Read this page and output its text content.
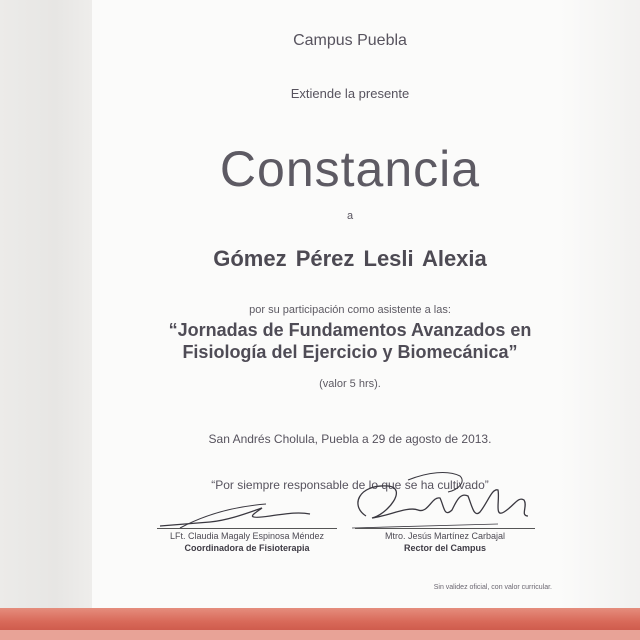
Campus Puebla
Extiende la presente
Constancia
a
Gómez Pérez Lesli Alexia
por su participación como asistente a las:
“Jornadas de Fundamentos Avanzados en
Fisiología del Ejercicio y Biomecánica”
(valor 5 hrs).
San Andrés Cholula, Puebla a 29 de agosto de 2013.
“Por siempre responsable de lo que se ha cultivado”
LFt. Claudia Magaly Espinosa Méndez
Coordinadora de Fisioterapia
Mtro. Jesús Martínez Carbajal
Rector del Campus
Sin validez oficial, con valor curricular.
